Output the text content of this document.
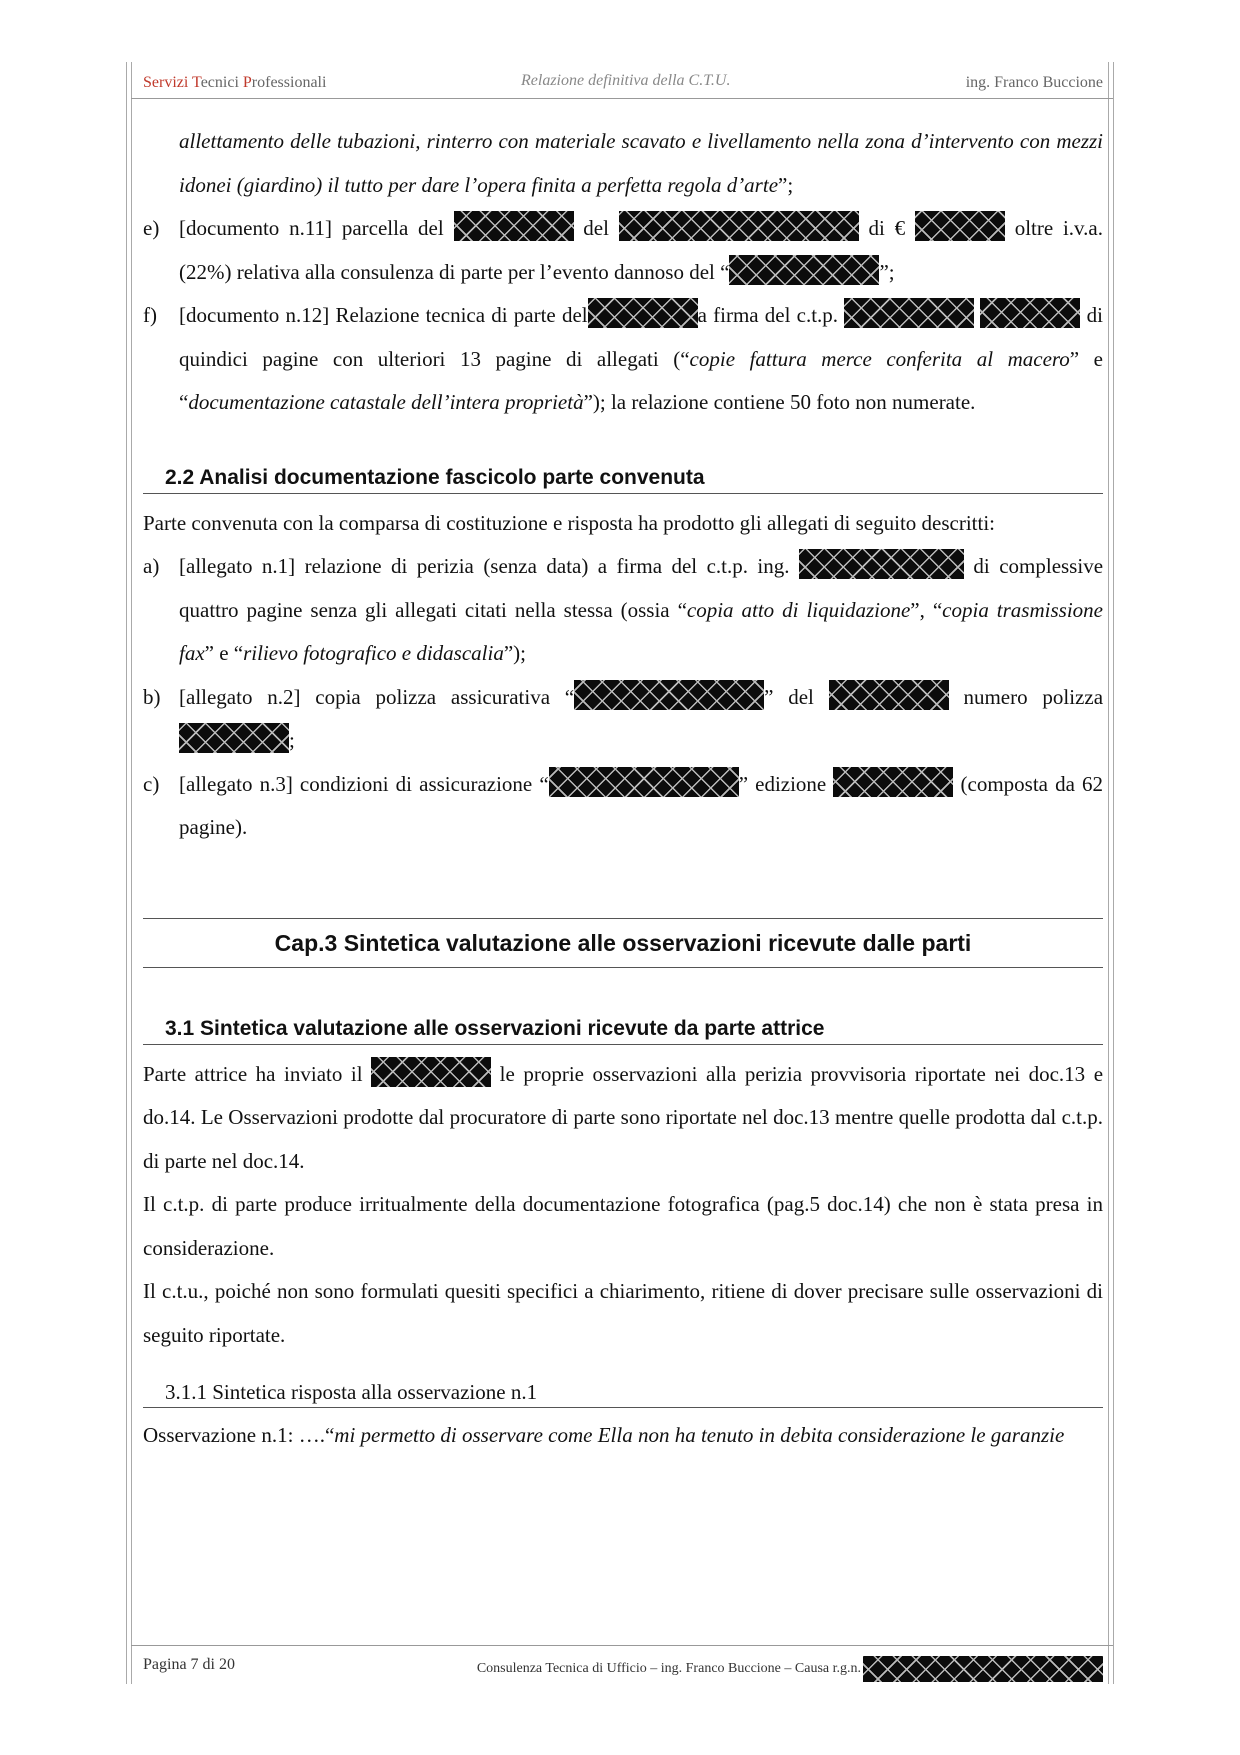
Servizi Tecnici Professionali	Relazione definitiva della C.T.U.	ing. Franco Buccione

allettamento delle tubazioni, rinterro con materiale scavato e livellamento nella zona d’intervento con mezzi idonei (giardino) il tutto per dare l’opera finita a perfetta regola d’arte”;

e) [documento n.11] parcella del	del	di €	oltre i.v.a. (22%) relativa alla consulenza di parte per l’evento dannoso del “	”;

f) [documento n.12] Relazione tecnica di parte del	a firma del c.t.p.	di quindici pagine con ulteriori 13 pagine di allegati (“copie fattura merce conferita al macero” e “documentazione catastale dell’intera proprietà”); la relazione contiene 50 foto non numerate.

2.2 Analisi documentazione fascicolo parte convenuta

Parte convenuta con la comparsa di costituzione e risposta ha prodotto gli allegati di seguito descritti:

a) [allegato n.1] relazione di perizia (senza data) a firma del c.t.p. ing.	di complessive quattro pagine senza gli allegati citati nella stessa (ossia “copia atto di liquidazione”, “copia trasmissione fax” e “rilievo fotografico e didascalia”);

b) [allegato n.2] copia polizza assicurativa “	” del	numero polizza ;

c) [allegato n.3] condizioni di assicurazione “	” edizione	(composta da 62 pagine).

Cap.3 Sintetica valutazione alle osservazioni ricevute dalle parti
3.1 Sintetica valutazione alle osservazioni ricevute da parte attrice

Parte attrice ha inviato il	le proprie osservazioni alla perizia provvisoria riportate nei doc.13 e do.14. Le Osservazioni prodotte dal procuratore di parte sono riportate nel doc.13 mentre quelle prodotta dal c.t.p. di parte nel doc.14.

Il c.t.p. di parte produce irritualmente della documentazione fotografica (pag.5 doc.14) che non è stata presa in considerazione.

Il c.t.u., poiché non sono formulati quesiti specifici a chiarimento, ritiene di dover precisare sulle osservazioni di seguito riportate.

3.1.1 Sintetica risposta alla osservazione n.1

Osservazione n.1: ….“mi permetto di osservare come Ella non ha tenuto in debita considerazione le garanzie

Pagina 7 di 20	Consulenza Tecnica di Ufficio – ing. Franco Buccione – Causa r.g.n.
